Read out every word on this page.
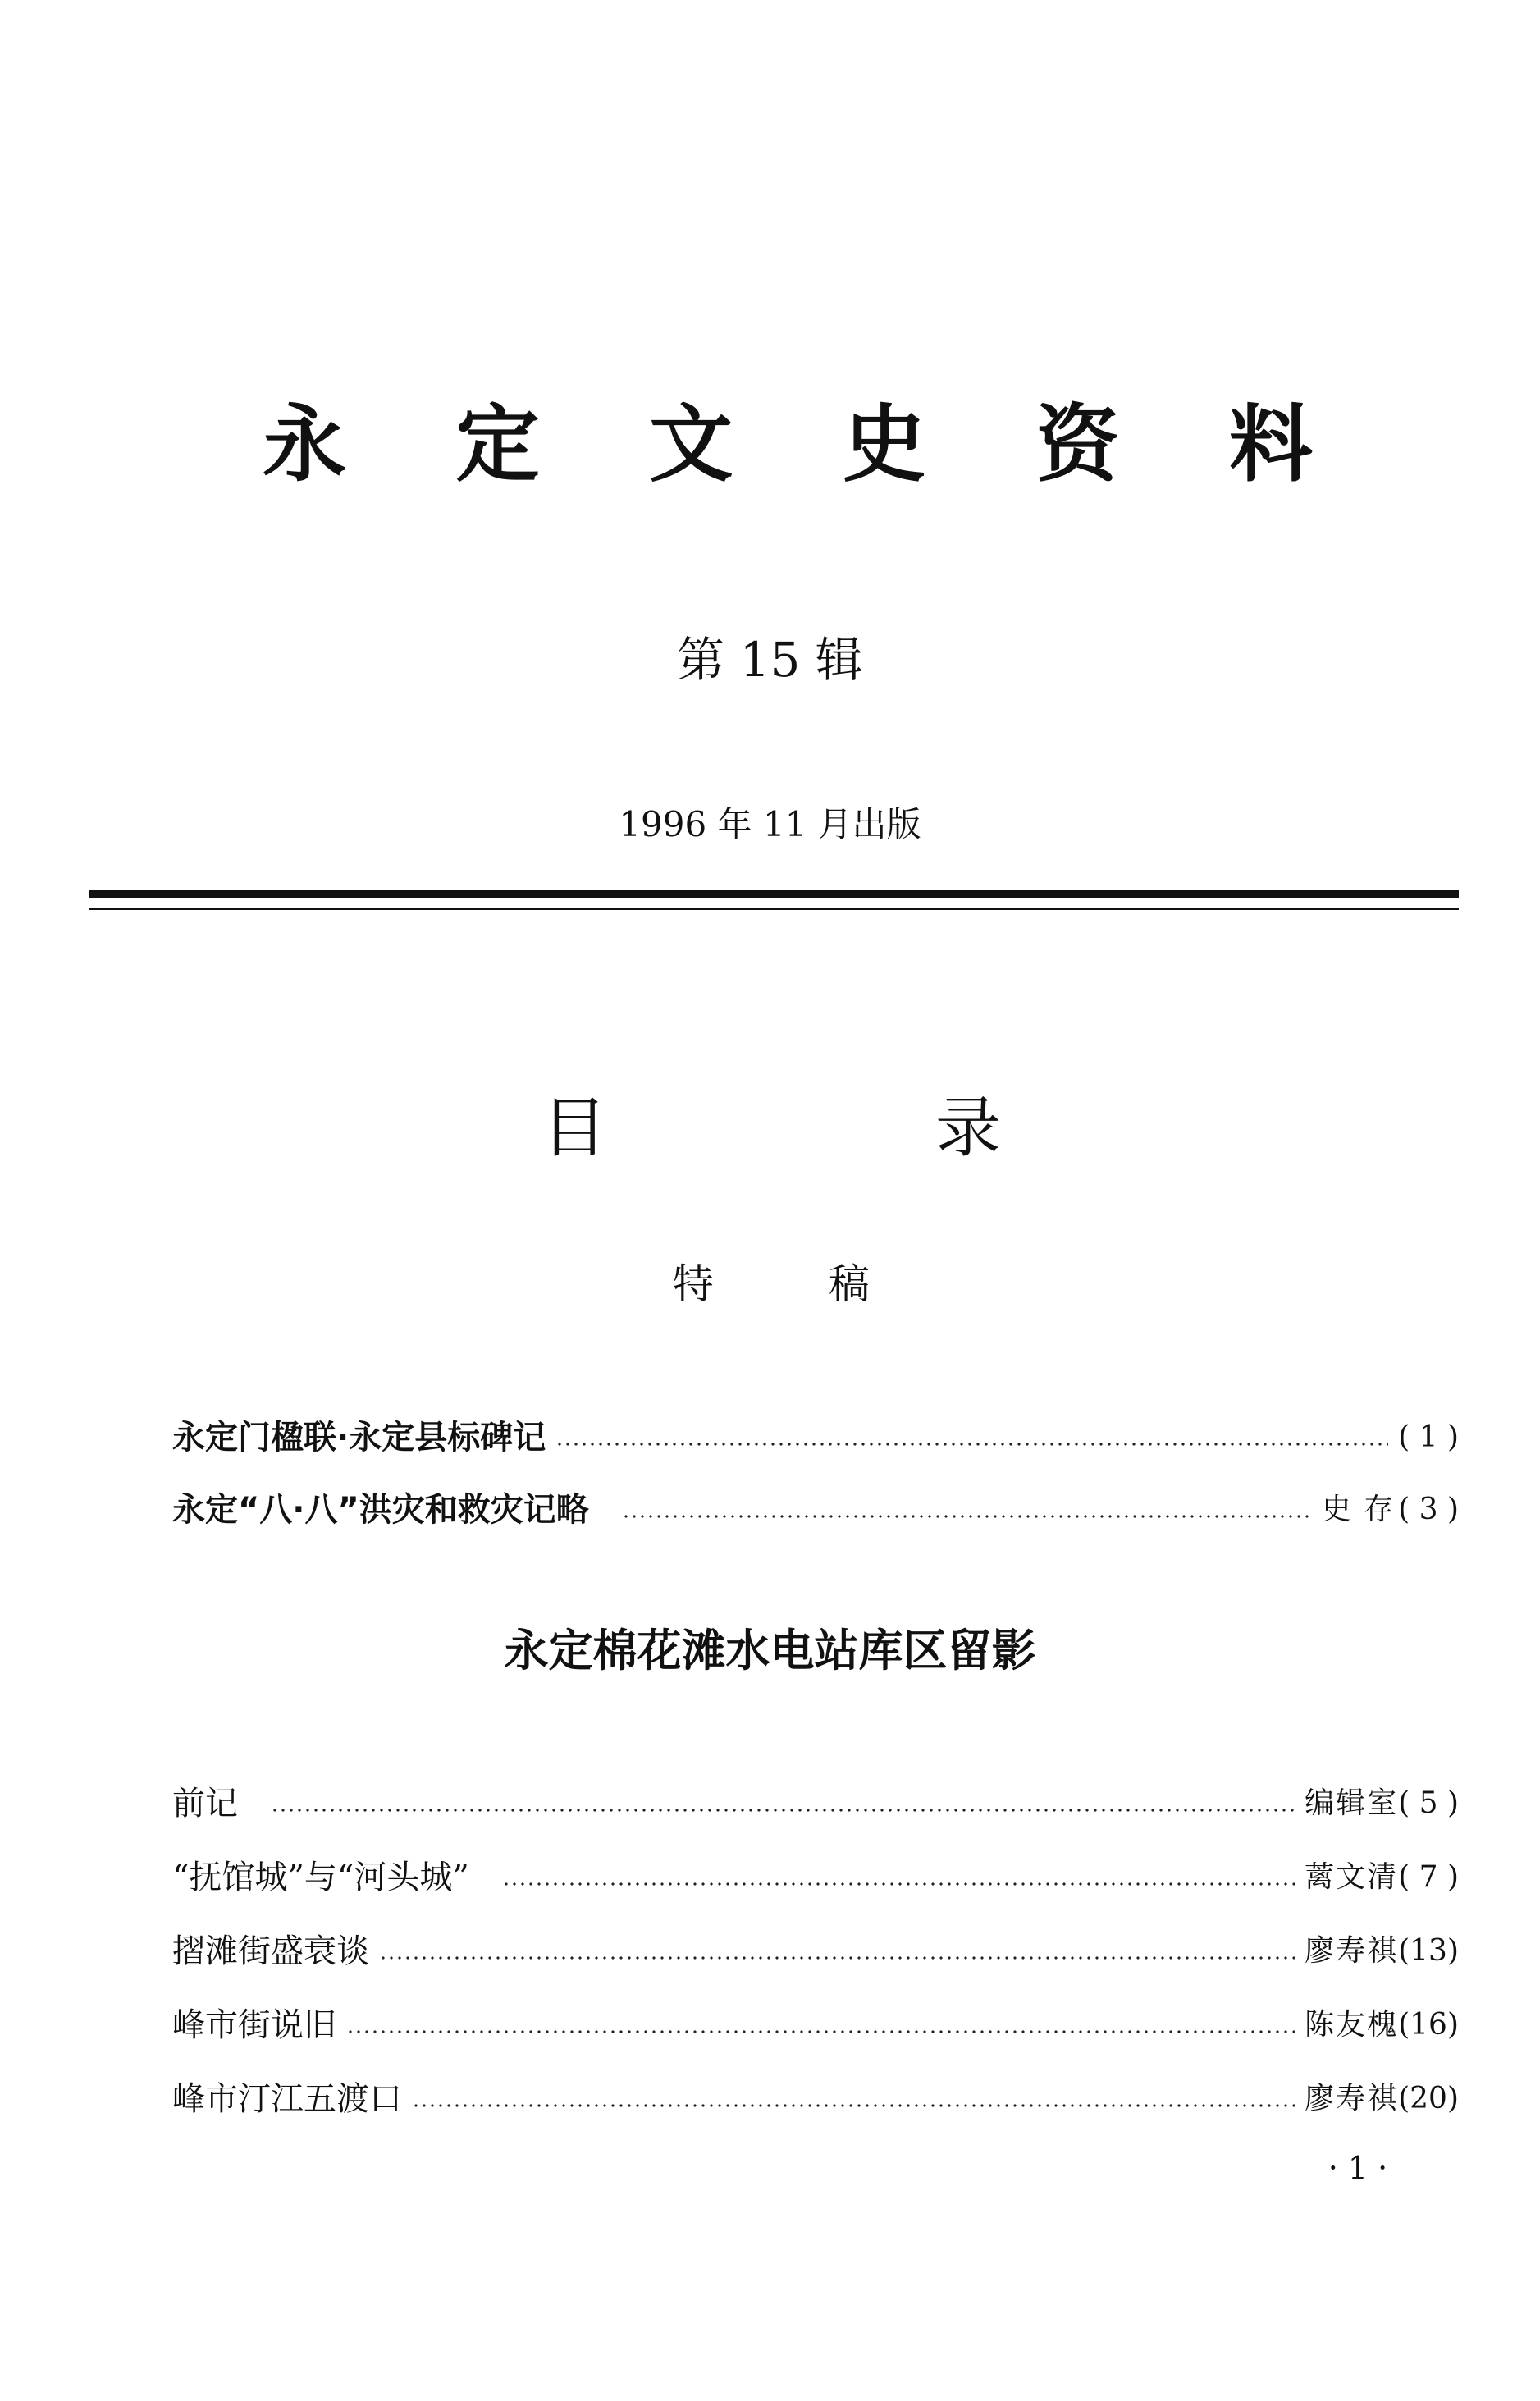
永 定 文 史 资 料
第 15 辑
1996 年 11 月出版
目	录
特	稿
永定门楹联·永定县标碑记	( 1 )
永定“八·八”洪灾和救灾记略	史 存 ( 3 )
永定棉花滩水电站库区留影
前记	编辑室 ( 5 )
“抚馆城”与“河头城”	蓠文清 ( 7 )
摺滩街盛衰谈	廖寿祺 (13)
峰市街说旧	陈友槐 (16)
峰市汀江五渡口	廖寿祺 (20)
· 1 ·
